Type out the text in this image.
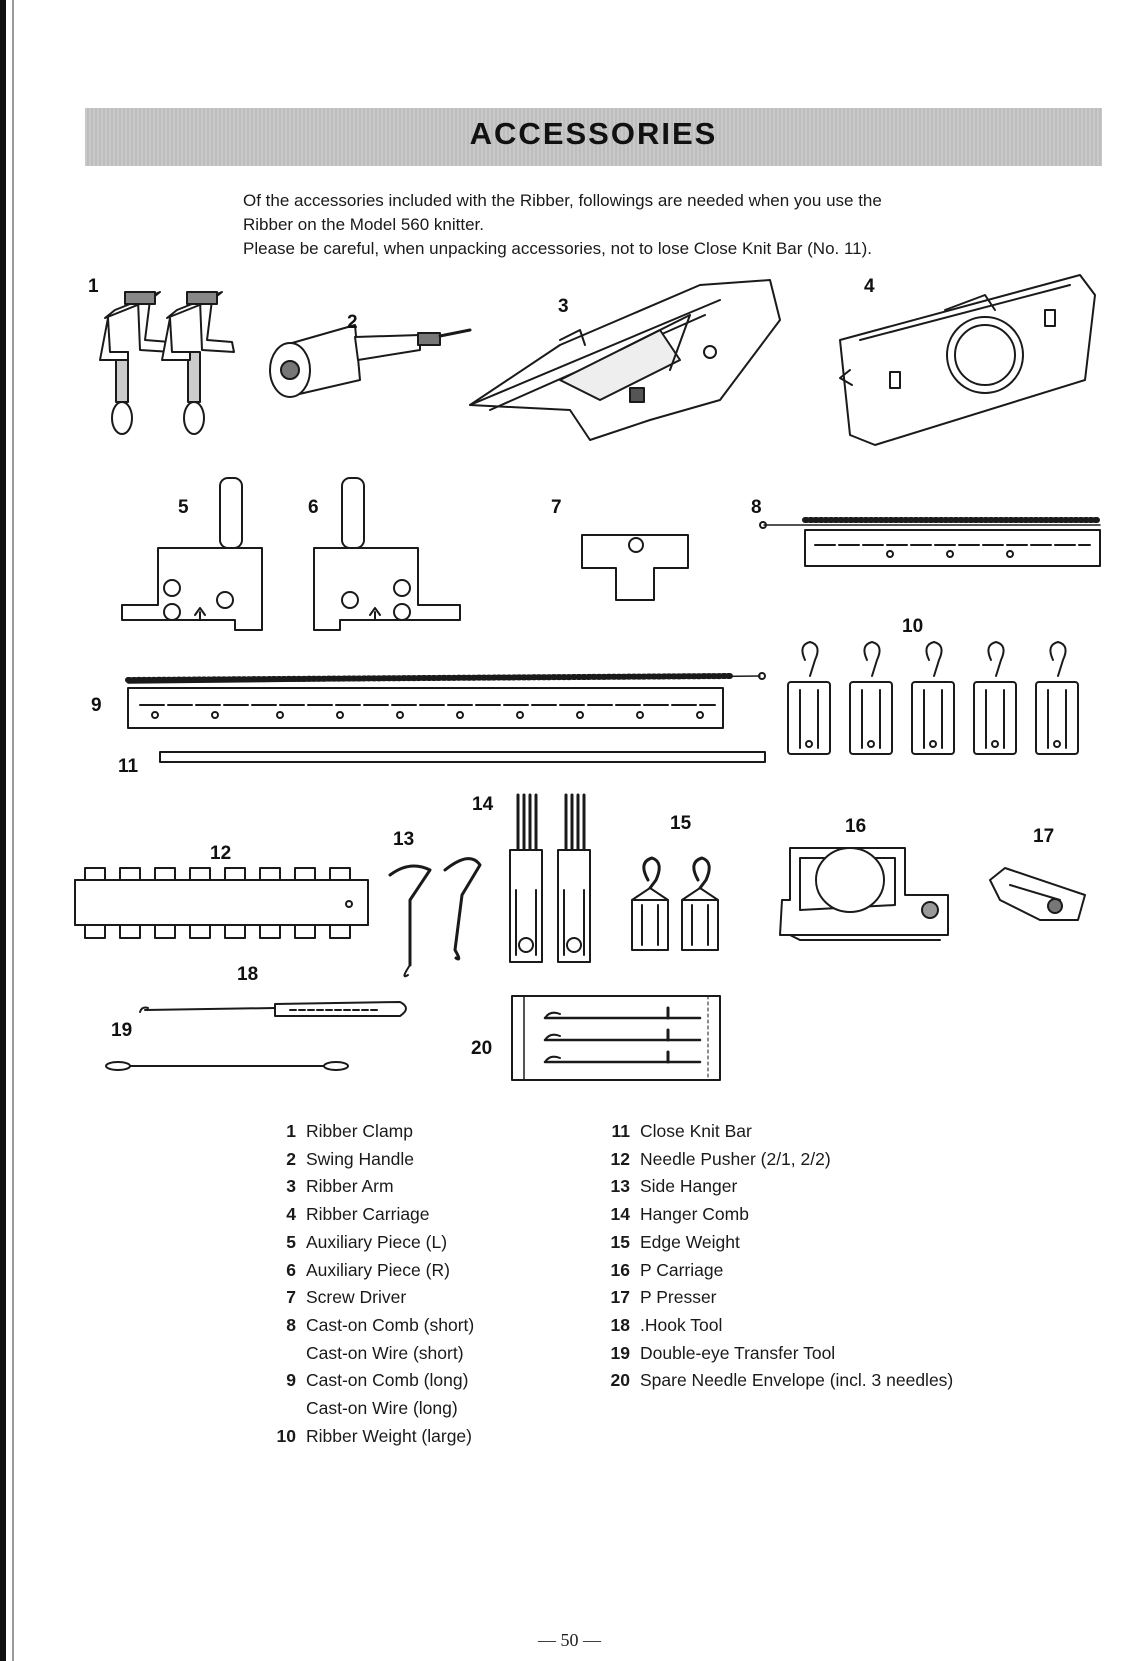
ACCESSORIES
Of the accessories included with the Ribber, followings are needed when you use the
Ribber on the Model 560 knitter.
Please be careful, when unpacking accessories, not to lose Close Knit Bar (No. 11).
1
2
3
4
5	6	7	8
9
10
11
12
13
14
15	16	17
18
19
20
1 Ribber Clamp
2 Swing Handle
3 Ribber Arm
4 Ribber Carriage
5 Auxiliary Piece (L)
6 Auxiliary Piece (R)
7 Screw Driver
8 Cast-on Comb (short)
Cast-on Wire (short)
9 Cast-on Comb (long)
Cast-on Wire (long)
10 Ribber Weight (large)
11 Close Knit Bar
12 Needle Pusher (2/1, 2/2)
13 Side Hanger
14 Hanger Comb
15 Edge Weight
16 P Carriage
17 P Presser
18 .Hook Tool
19 Double-eye Transfer Tool
20 Spare Needle Envelope (incl. 3 needles)
— 50 —
